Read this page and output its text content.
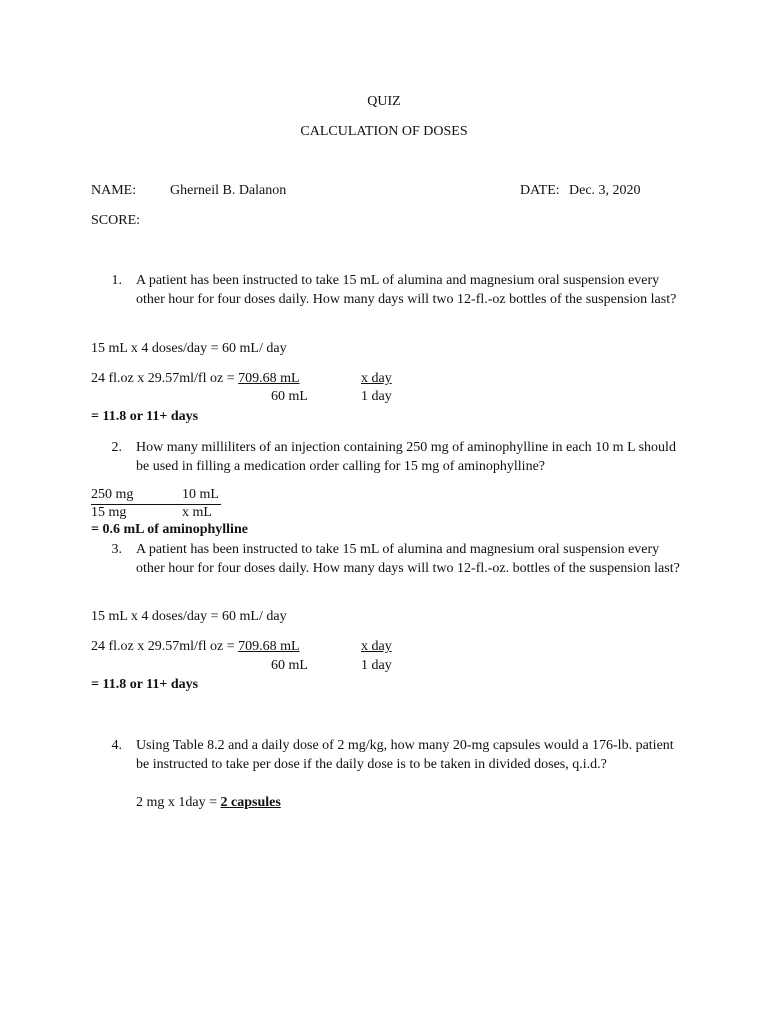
QUIZ
CALCULATION OF DOSES
NAME: Gherneil B. Dalanon	DATE: Dec. 3, 2020
SCORE:
1. A patient has been instructed to take 15 mL of alumina and magnesium oral suspension every other hour for four doses daily. How many days will two 12-fl.-oz bottles of the suspension last?
15 mL x 4 doses/day = 60 mL/ day
24 fl.oz x 29.57ml/fl oz = 709.68 mL	x day
60 mL	1 day
= 11.8 or 11+ days
2. How many milliliters of an injection containing 250 mg of aminophylline in each 10 m L should be used in filling a medication order calling for 15 mg of aminophylline?
250 mg	10 mL
15 mg	x mL
= 0.6 mL of aminophylline
3. A patient has been instructed to take 15 mL of alumina and magnesium oral suspension every other hour for four doses daily. How many days will two 12-fl.-oz. bottles of the suspension last?
15 mL x 4 doses/day = 60 mL/ day
24 fl.oz x 29.57ml/fl oz = 709.68 mL	x day
60 mL	1 day
= 11.8 or 11+ days
4. Using Table 8.2 and a daily dose of 2 mg/kg, how many 20-mg capsules would a 176-lb. patient be instructed to take per dose if the daily dose is to be taken in divided doses, q.i.d.?
2 mg x 1day = 2 capsules
